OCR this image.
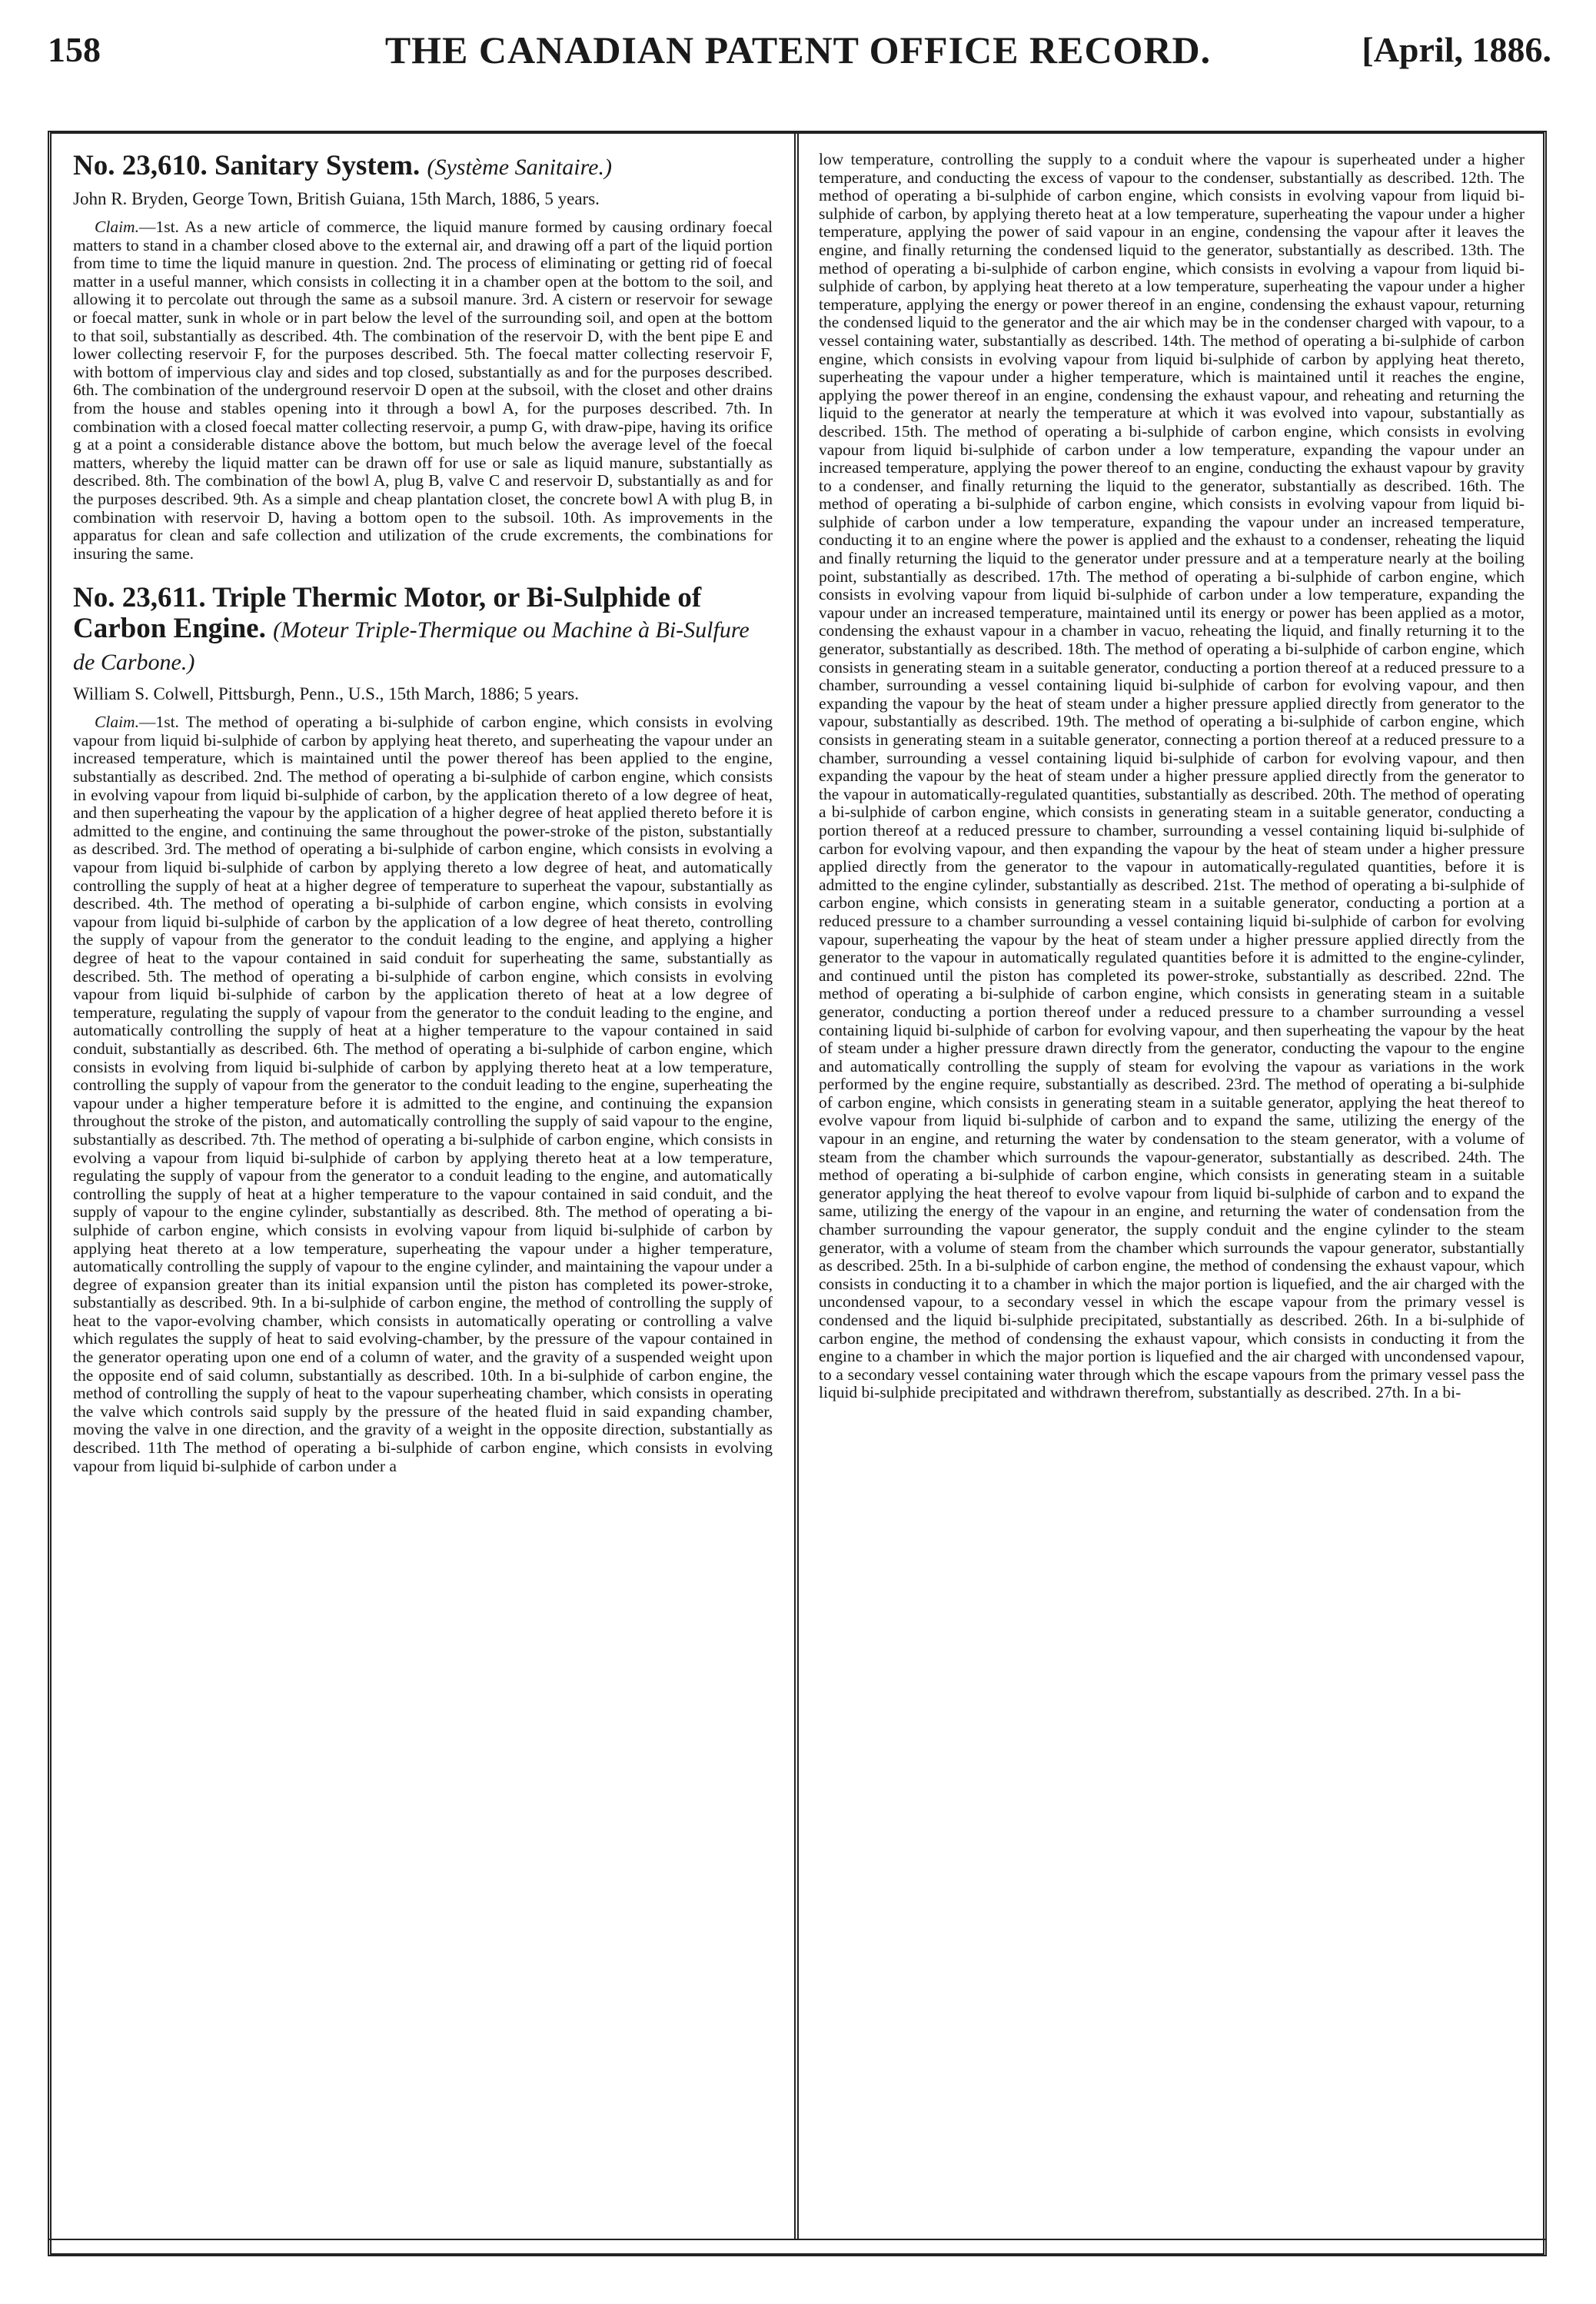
158	THE CANADIAN PATENT OFFICE RECORD.	[April, 1886.
No. 23,610. Sanitary System. (Système Sanitaire.)
John R. Bryden, George Town, British Guiana, 15th March, 1886, 5 years.

Claim.—1st. As a new article of commerce, the liquid manure formed by causing ordinary foecal matters to stand in a chamber closed above to the external air, and drawing off a part of the liquid portion from time to time the liquid manure in question. 2nd. The process of eliminating or getting rid of foecal matter in a useful manner, which consists in collecting it in a chamber open at the bottom to the soil, and allowing it to percolate out through the same as a subsoil manure. 3rd. A cistern or reservoir for sewage or foecal matter, sunk in whole or in part below the level of the surrounding soil, and open at the bottom to that soil, substantially as described. 4th. The combination of the reservoir D, with the bent pipe E and lower collecting reservoir F, for the purposes described. 5th. The foecal matter collecting reservoir F, with bottom of impervious clay and sides and top closed, substantially as and for the purposes described. 6th. The combination of the underground reservoir D open at the subsoil, with the closet and other drains from the house and stables opening into it through a bowl A, for the purposes described. 7th. In combination with a closed foecal matter collecting reservoir, a pump G, with draw-pipe, having its orifice g at a point a considerable distance above the bottom, but much below the average level of the foecal matters, whereby the liquid matter can be drawn off for use or sale as liquid manure, substantially as described. 8th. The combination of the bowl A, plug B, valve C and reservoir D, substantially as and for the purposes described. 9th. As a simple and cheap plantation closet, the concrete bowl A with plug B, in combination with reservoir D, having a bottom open to the subsoil. 10th. As improvements in the apparatus for clean and safe collection and utilization of the crude excrements, the combinations for insuring the same.

No. 23,611. Triple Thermic Motor, or Bi-Sulphide of Carbon Engine. (Moteur Triple-Thermique ou Machine à Bi-Sulfure de Carbone.)
William S. Colwell, Pittsburgh, Penn., U.S., 15th March, 1886; 5 years.

Claim.—1st. The method of operating a bi-sulphide of carbon engine, which consists in evolving vapour from liquid bi-sulphide of carbon by applying heat thereto, and superheating the vapour under an increased temperature, which is maintained until the power thereof has been applied to the engine, substantially as described. 2nd. The method of operating a bi-sulphide of carbon engine, which consists in evolving vapour from liquid bi-sulphide of carbon, by the application thereto of a low degree of heat, and then superheating the vapour by the application of a higher degree of heat applied thereto before it is admitted to the engine, and continuing the same throughout the power-stroke of the piston, substantially as described. 3rd. The method of operating a bi-sulphide of carbon engine, which consists in evolving a vapour from liquid bi-sulphide of carbon by applying thereto a low degree of heat, and automatically controlling the supply of heat at a higher degree of temperature to superheat the vapour, substantially as described. 4th. The method of operating a bi-sulphide of carbon engine, which consists in evolving vapour from liquid bi-sulphide of carbon by the application of a low degree of heat thereto, controlling the supply of vapour from the generator to the conduit leading to the engine, and applying a higher degree of heat to the vapour contained in said conduit for superheating the same, substantially as described. 5th. The method of operating a bi-sulphide of carbon engine, which consists in evolving vapour from liquid bi-sulphide of carbon by the application thereto of heat at a low degree of temperature, regulating the supply of vapour from the generator to the conduit leading to the engine, and automatically controlling the supply of heat at a higher temperature to the vapour contained in said conduit, substantially as described. 6th. The method of operating a bi-sulphide of carbon engine, which consists in evolving from liquid bi-sulphide of carbon by applying thereto heat at a low temperature, controlling the supply of vapour from the generator to the conduit leading to the engine, superheating the vapour under a higher temperature before it is admitted to the engine, and continuing the expansion throughout the stroke of the piston, and automatically controlling the supply of said vapour to the engine, substantially as described. 7th. The method of operating a bi-sulphide of carbon engine, which consists in evolving a vapour from liquid bi-sulphide of carbon by applying thereto heat at a low temperature, regulating the supply of vapour from the generator to a conduit leading to the engine, and automatically controlling the supply of heat at a higher temperature to the vapour contained in said conduit, and the supply of vapour to the engine cylinder, substantially as described. 8th. The method of operating a bi-sulphide of carbon engine, which consists in evolving vapour from liquid bi-sulphide of carbon by applying heat thereto at a low temperature, superheating the vapour under a higher temperature, automatically controlling the supply of vapour to the engine cylinder, and maintaining the vapour under a degree of expansion greater than its initial expansion until the piston has completed its power-stroke, substantially as described. 9th. In a bi-sulphide of carbon engine, the method of controlling the supply of heat to the vapor-evolving chamber, which consists in automatically operating or controlling a valve which regulates the supply of heat to said evolving-chamber, by the pressure of the vapour contained in the generator operating upon one end of a column of water, and the gravity of a suspended weight upon the opposite end of said column, substantially as described. 10th. In a bi-sulphide of carbon engine, the method of controlling the supply of heat to the vapour superheating chamber, which consists in operating the valve which controls said supply by the pressure of the heated fluid in said expanding chamber, moving the valve in one direction, and the gravity of a weight in the opposite direction, substantially as described. 11th The method of operating a bi-sulphide of carbon engine, which consists in evolving vapour from liquid bi-sulphide of carbon under a

low temperature, controlling the supply to a conduit where the vapour is superheated under a higher temperature, and conducting the excess of vapour to the condenser, substantially as described. 12th. The method of operating a bi-sulphide of carbon engine, which consists in evolving vapour from liquid bi-sulphide of carbon, by applying thereto heat at a low temperature, superheating the vapour under a higher temperature, applying the power of said vapour in an engine, condensing the vapour after it leaves the engine, and finally returning the condensed liquid to the generator, substantially as described. 13th. The method of operating a bi-sulphide of carbon engine, which consists in evolving a vapour from liquid bi-sulphide of carbon, by applying heat thereto at a low temperature, superheating the vapour under a higher temperature, applying the energy or power thereof in an engine, condensing the exhaust vapour, returning the condensed liquid to the generator and the air which may be in the condenser charged with vapour, to a vessel containing water, substantially as described. 14th. The method of operating a bi-sulphide of carbon engine, which consists in evolving vapour from liquid bi-sulphide of carbon by applying heat thereto, superheating the vapour under a higher temperature, which is maintained until it reaches the engine, applying the power thereof in an engine, condensing the exhaust vapour, and reheating and returning the liquid to the generator at nearly the temperature at which it was evolved into vapour, substantially as described. 15th. The method of operating a bi-sulphide of carbon engine, which consists in evolving vapour from liquid bi-sulphide of carbon under a low temperature, expanding the vapour under an increased temperature, applying the power thereof to an engine, conducting the exhaust vapour by gravity to a condenser, and finally returning the liquid to the generator, substantially as described. 16th. The method of operating a bi-sulphide of carbon engine, which consists in evolving vapour from liquid bi-sulphide of carbon under a low temperature, expanding the vapour under an increased temperature, conducting it to an engine where the power is applied and the exhaust to a condenser, reheating the liquid and finally returning the liquid to the generator under pressure and at a temperature nearly at the boiling point, substantially as described. 17th. The method of operating a bi-sulphide of carbon engine, which consists in evolving vapour from liquid bi-sulphide of carbon under a low temperature, expanding the vapour under an increased temperature, maintained until its energy or power has been applied as a motor, condensing the exhaust vapour in a chamber in vacuo, reheating the liquid, and finally returning it to the generator, substantially as described. 18th. The method of operating a bi-sulphide of carbon engine, which consists in generating steam in a suitable generator, conducting a portion thereof at a reduced pressure to a chamber, surrounding a vessel containing liquid bi-sulphide of carbon for evolving vapour, and then expanding the vapour by the heat of steam under a higher pressure applied directly from generator to the vapour, substantially as described. 19th. The method of operating a bi-sulphide of carbon engine, which consists in generating steam in a suitable generator, connecting a portion thereof at a reduced pressure to a chamber, surrounding a vessel containing liquid bi-sulphide of carbon for evolving vapour, and then expanding the vapour by the heat of steam under a higher pressure applied directly from the generator to the vapour in automatically-regulated quantities, substantially as described. 20th. The method of operating a bi-sulphide of carbon engine, which consists in generating steam in a suitable generator, conducting a portion thereof at a reduced pressure to chamber, surrounding a vessel containing liquid bi-sulphide of carbon for evolving vapour, and then expanding the vapour by the heat of steam under a higher pressure applied directly from the generator to the vapour in automatically-regulated quantities, before it is admitted to the engine cylinder, substantially as described. 21st. The method of operating a bi-sulphide of carbon engine, which consists in generating steam in a suitable generator, conducting a portion at a reduced pressure to a chamber surrounding a vessel containing liquid bi-sulphide of carbon for evolving vapour, superheating the vapour by the heat of steam under a higher pressure applied directly from the generator to the vapour in automatically regulated quantities before it is admitted to the engine-cylinder, and continued until the piston has completed its power-stroke, substantially as described. 22nd. The method of operating a bi-sulphide of carbon engine, which consists in generating steam in a suitable generator, conducting a portion thereof under a reduced pressure to a chamber surrounding a vessel containing liquid bi-sulphide of carbon for evolving vapour, and then superheating the vapour by the heat of steam under a higher pressure drawn directly from the generator, conducting the vapour to the engine and automatically controlling the supply of steam for evolving the vapour as variations in the work performed by the engine require, substantially as described. 23rd. The method of operating a bi-sulphide of carbon engine, which consists in generating steam in a suitable generator, applying the heat thereof to evolve vapour from liquid bi-sulphide of carbon and to expand the same, utilizing the energy of the vapour in an engine, and returning the water by condensation to the steam generator, with a volume of steam from the chamber which surrounds the vapour-generator, substantially as described. 24th. The method of operating a bi-sulphide of carbon engine, which consists in generating steam in a suitable generator applying the heat thereof to evolve vapour from liquid bi-sulphide of carbon and to expand the same, utilizing the energy of the vapour in an engine, and returning the water of condensation from the chamber surrounding the vapour generator, the supply conduit and the engine cylinder to the steam generator, with a volume of steam from the chamber which surrounds the vapour generator, substantially as described. 25th. In a bi-sulphide of carbon engine, the method of condensing the exhaust vapour, which consists in conducting it to a chamber in which the major portion is liquefied, and the air charged with the uncondensed vapour, to a secondary vessel in which the escape vapour from the primary vessel is condensed and the liquid bi-sulphide precipitated, substantially as described. 26th. In a bi-sulphide of carbon engine, the method of condensing the exhaust vapour, which consists in conducting it from the engine to a chamber in which the major portion is liquefied and the air charged with uncondensed vapour, to a secondary vessel containing water through which the escape vapours from the primary vessel pass the liquid bi-sulphide precipitated and withdrawn therefrom, substantially as described. 27th. In a bi-
